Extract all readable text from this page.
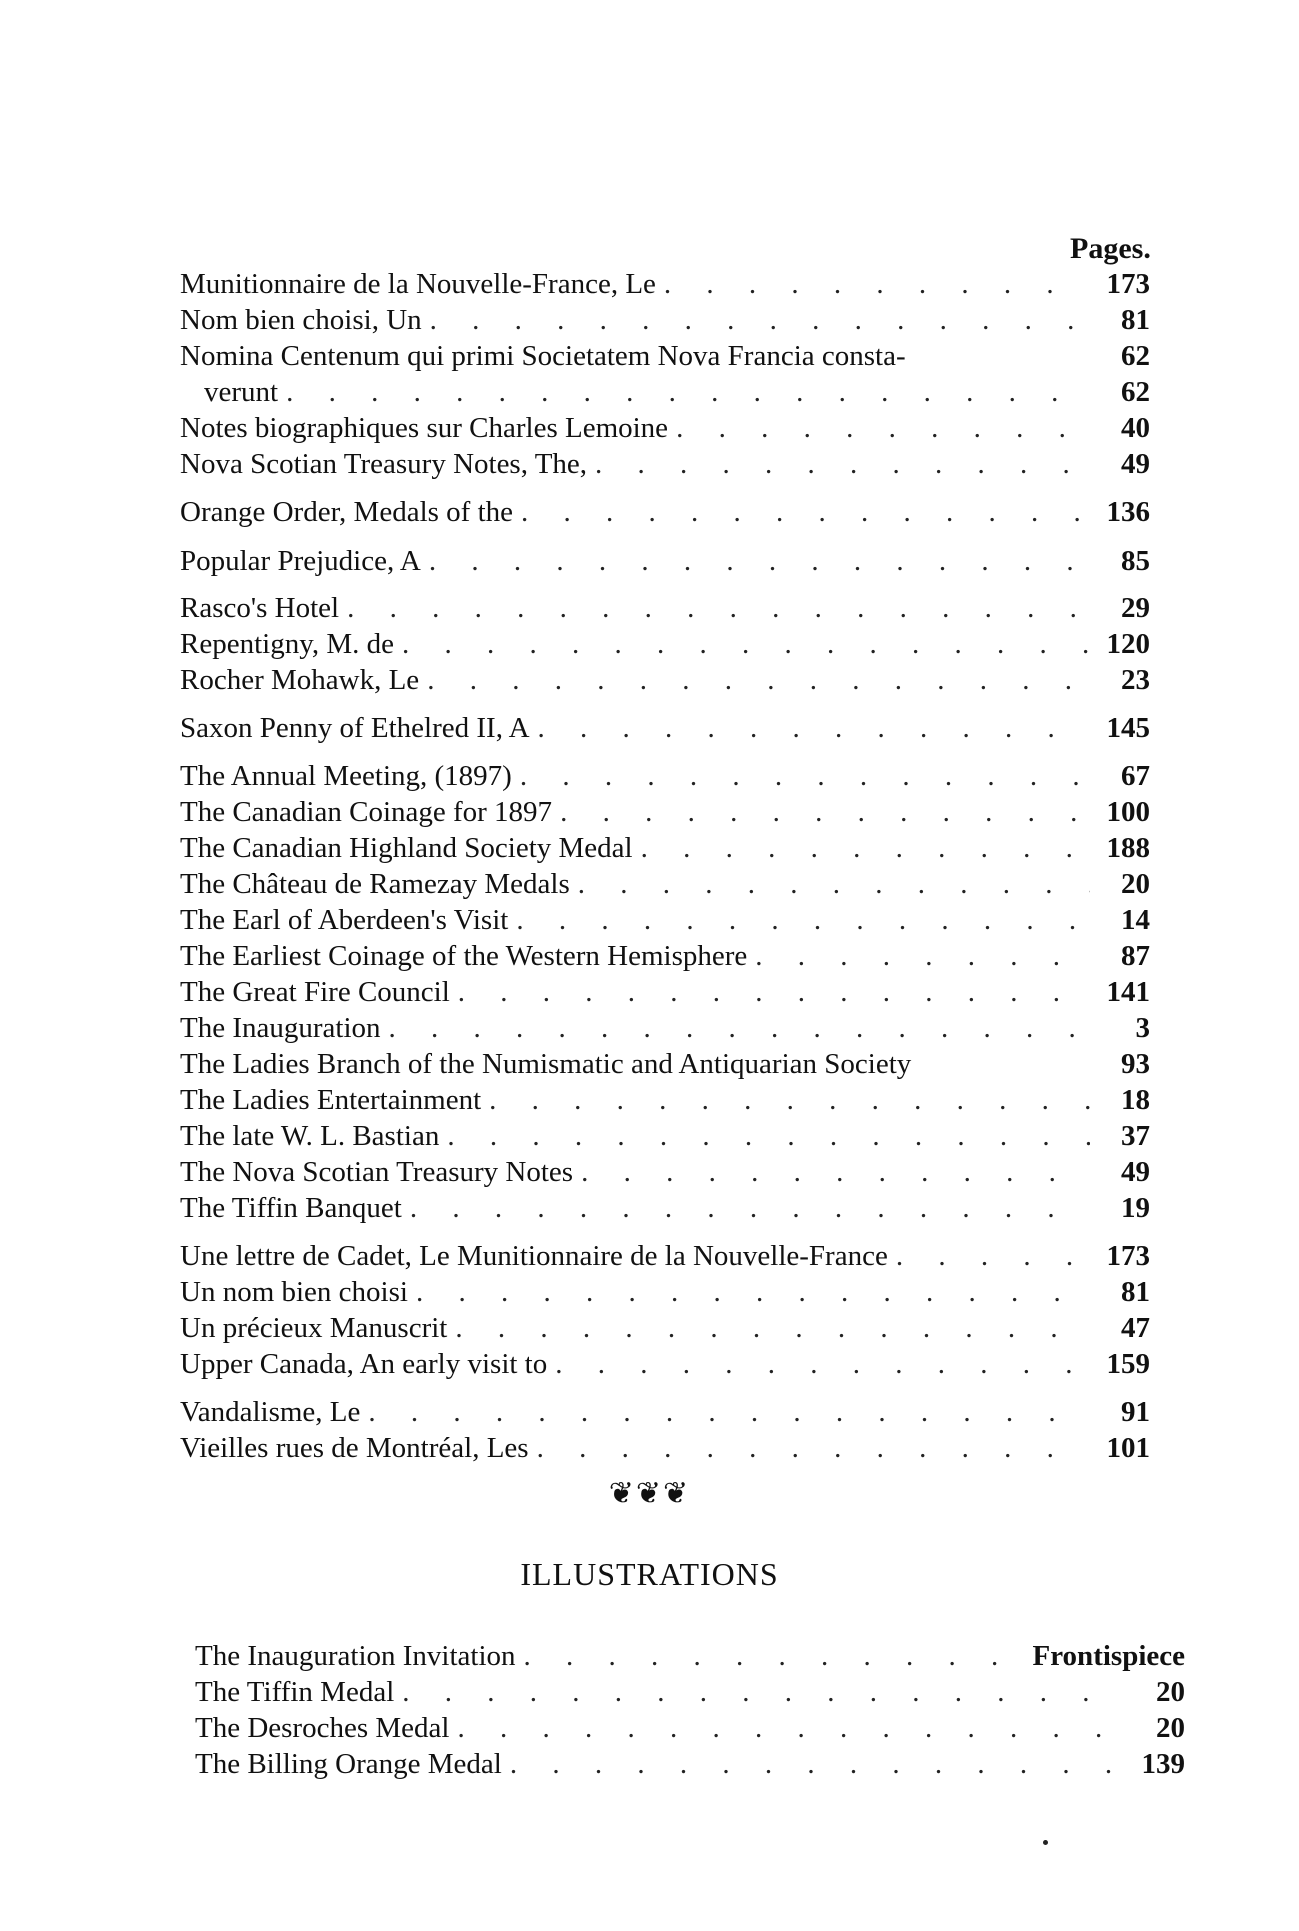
Pages.
Munitionnaire de la Nouvelle-France, Le . . .	173
Nom bien choisi, Un . . .	81
Nomina Centenum qui primi Societatem Nova Francia consta-	62
verunt . . .	62
Notes biographiques sur Charles Lemoine . . .	40
Nova Scotian Treasury Notes, The, . . .	49
Orange Order, Medals of the . . .	136
Popular Prejudice, A . . .	85
Rasco's Hotel . . .	29
Repentigny, M. de . . .	120
Rocher Mohawk, Le . . .	23
Saxon Penny of Ethelred II, A . . .	145
The Annual Meeting, (1897) . . .	67
The Canadian Coinage for 1897 . . .	100
The Canadian Highland Society Medal . . .	188
The Château de Ramezay Medals . . .	20
The Earl of Aberdeen's Visit . . .	14
The Earliest Coinage of the Western Hemisphere . . .	87
The Great Fire Council . . .	141
The Inauguration . . .	3
The Ladies Branch of the Numismatic and Antiquarian Society	93
The Ladies Entertainment . . .	18
The late W. L. Bastian . . .	37
The Nova Scotian Treasury Notes . . .	49
The Tiffin Banquet . . .	19
Une lettre de Cadet, Le Munitionnaire de la Nouvelle-France . . .	173
Un nom bien choisi . . .	81
Un précieux Manuscrit . . .	47
Upper Canada, An early visit to . . .	159
Vandalisme, Le . . .	91
Vieilles rues de Montréal, Les . . .	101
❦❦❦
ILLUSTRATIONS
The Inauguration Invitation . . .	Frontispiece
The Tiffin Medal . . .	20
The Desroches Medal . . .	20
The Billing Orange Medal . . .	139
